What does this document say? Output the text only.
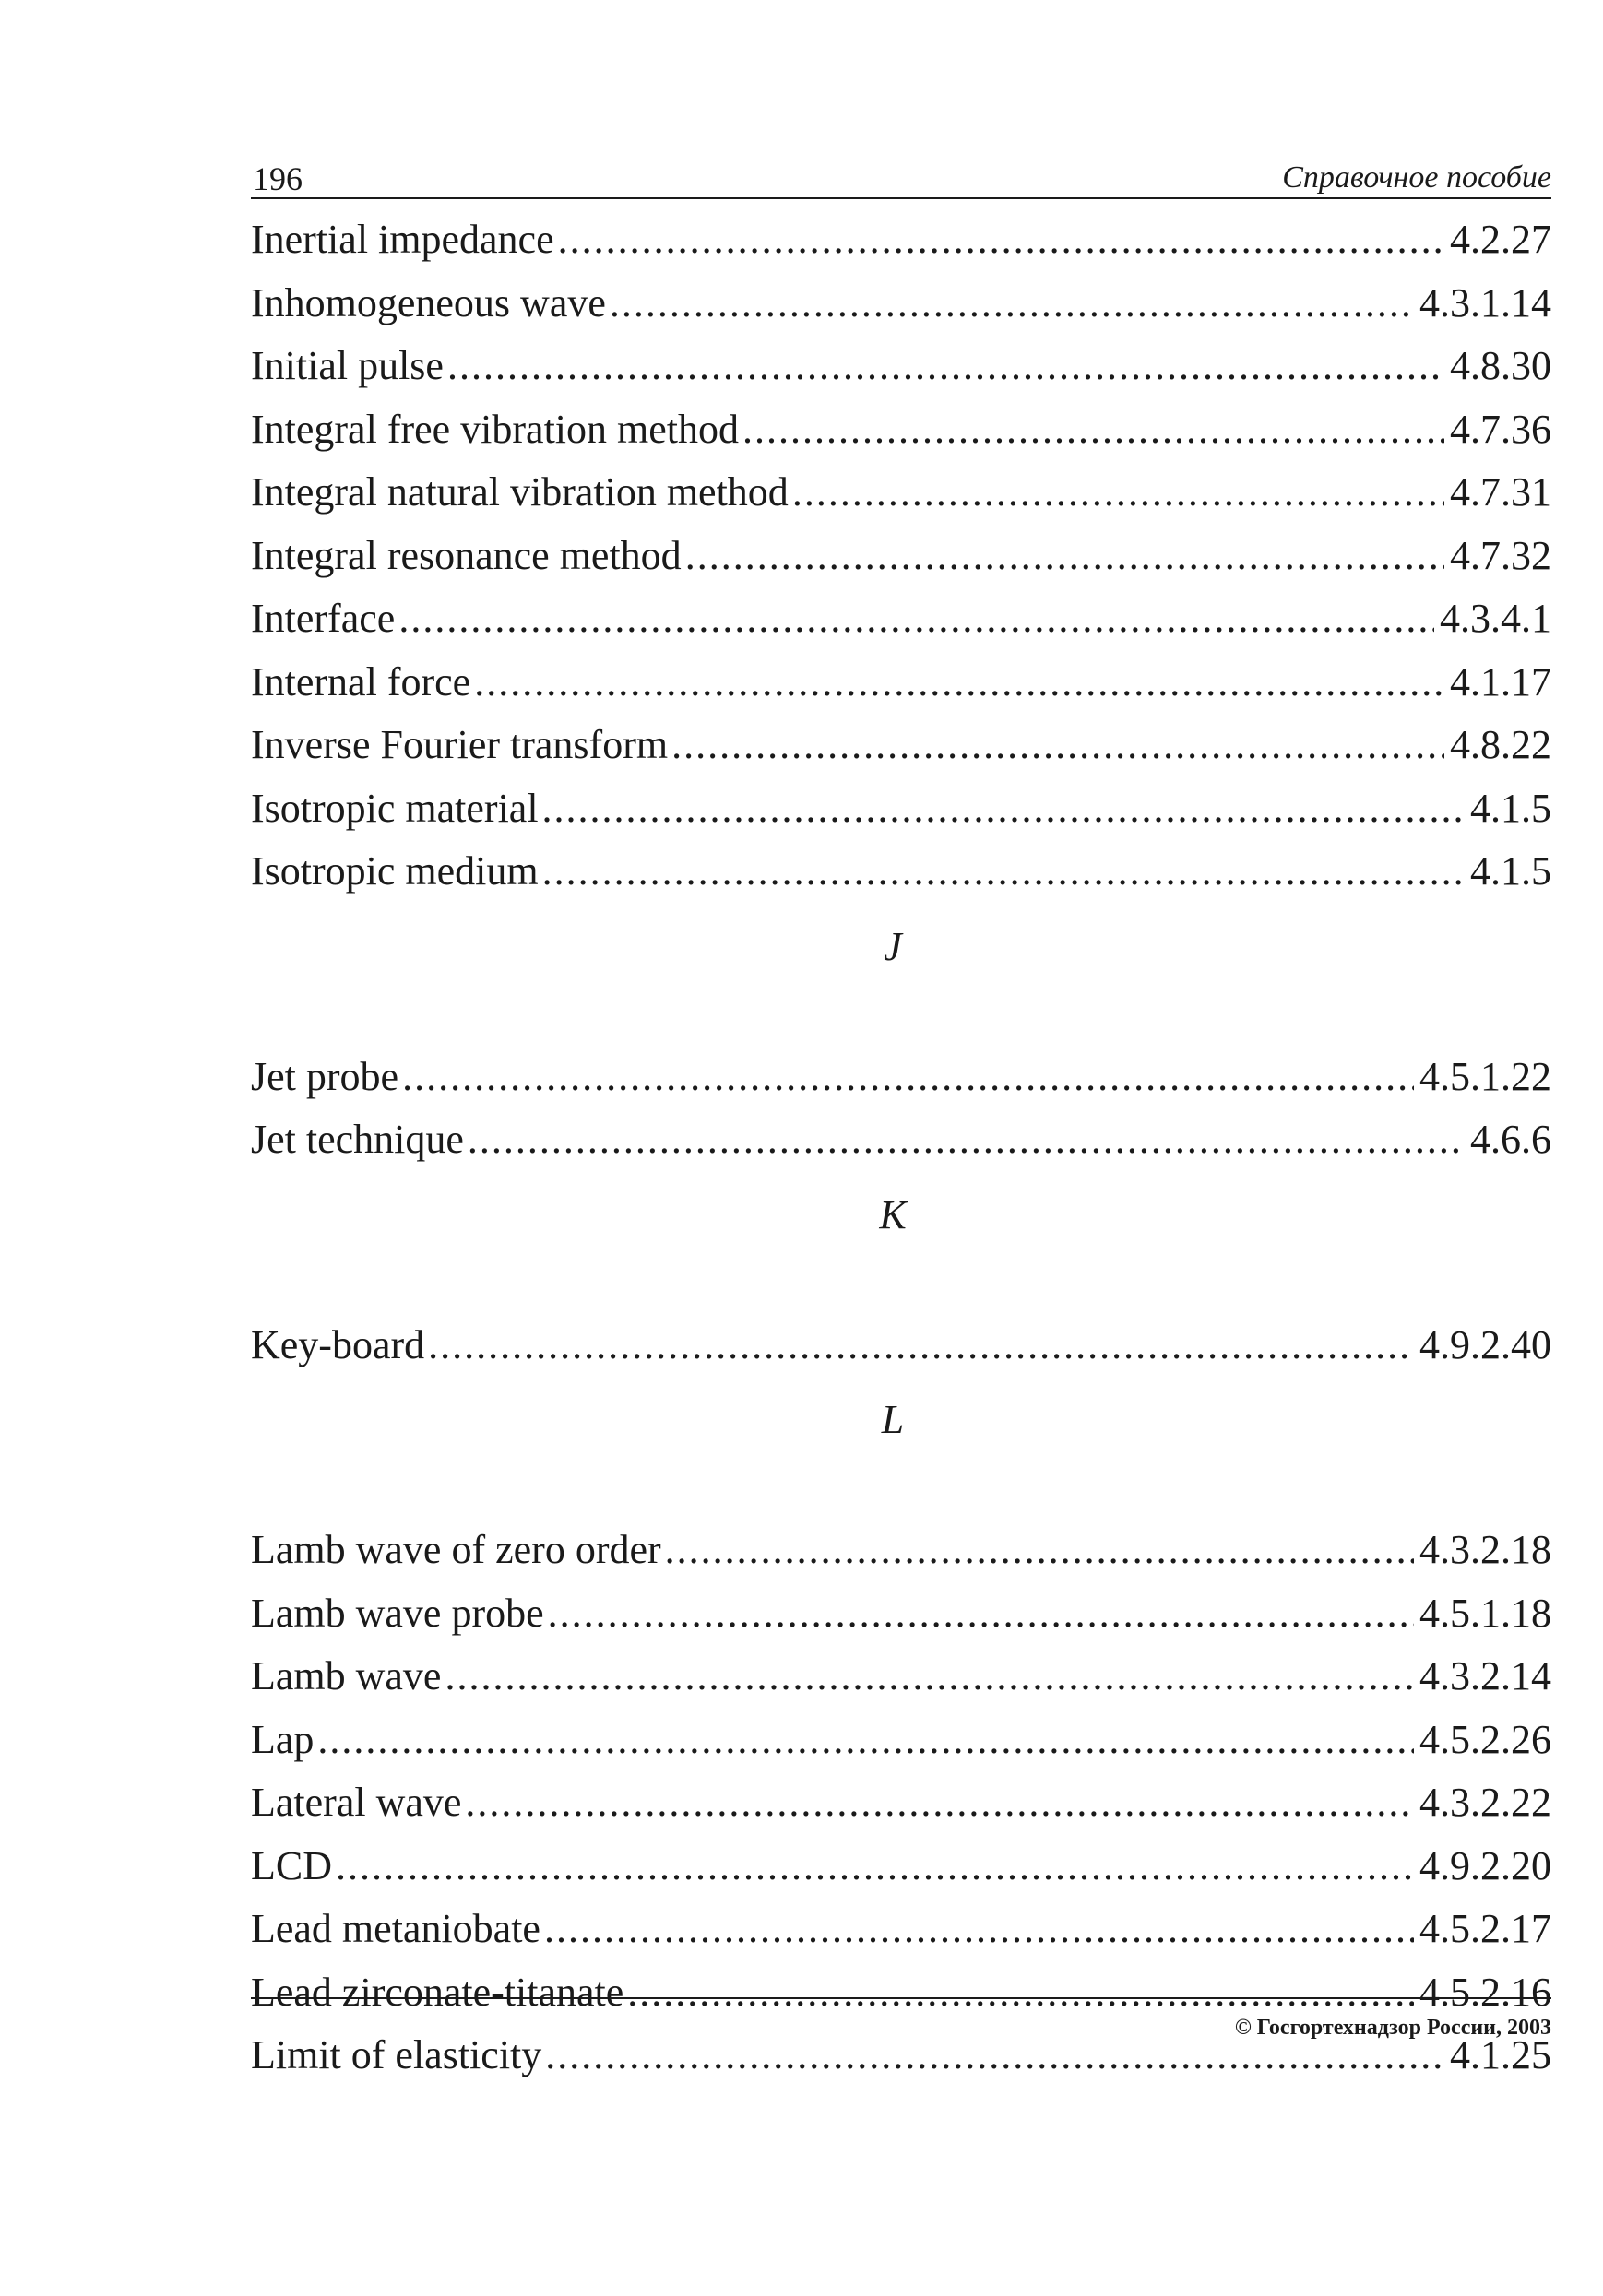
196	Справочное пособие
Inertial impedance .....	4.2.27
Inhomogeneous wave .....	4.3.1.14
Initial pulse .....	4.8.30
Integral free vibration method .....	4.7.36
Integral natural vibration method .....	4.7.31
Integral resonance method .....	4.7.32
Interface .....	4.3.4.1
Internal force .....	4.1.17
Inverse Fourier transform .....	4.8.22
Isotropic material .....	4.1.5
Isotropic medium .....	4.1.5
J
Jet probe .....	4.5.1.22
Jet technique .....	4.6.6
K
Key-board .....	4.9.2.40
L
Lamb wave of zero order .....	4.3.2.18
Lamb wave probe .....	4.5.1.18
Lamb wave .....	4.3.2.14
Lap .....	4.5.2.26
Lateral wave .....	4.3.2.22
LCD .....	4.9.2.20
Lead metaniobate .....	4.5.2.17
Lead zirconate-titanate .....	4.5.2.16
Limit of elasticity .....	4.1.25
© Госгортехнадзор России, 2003
